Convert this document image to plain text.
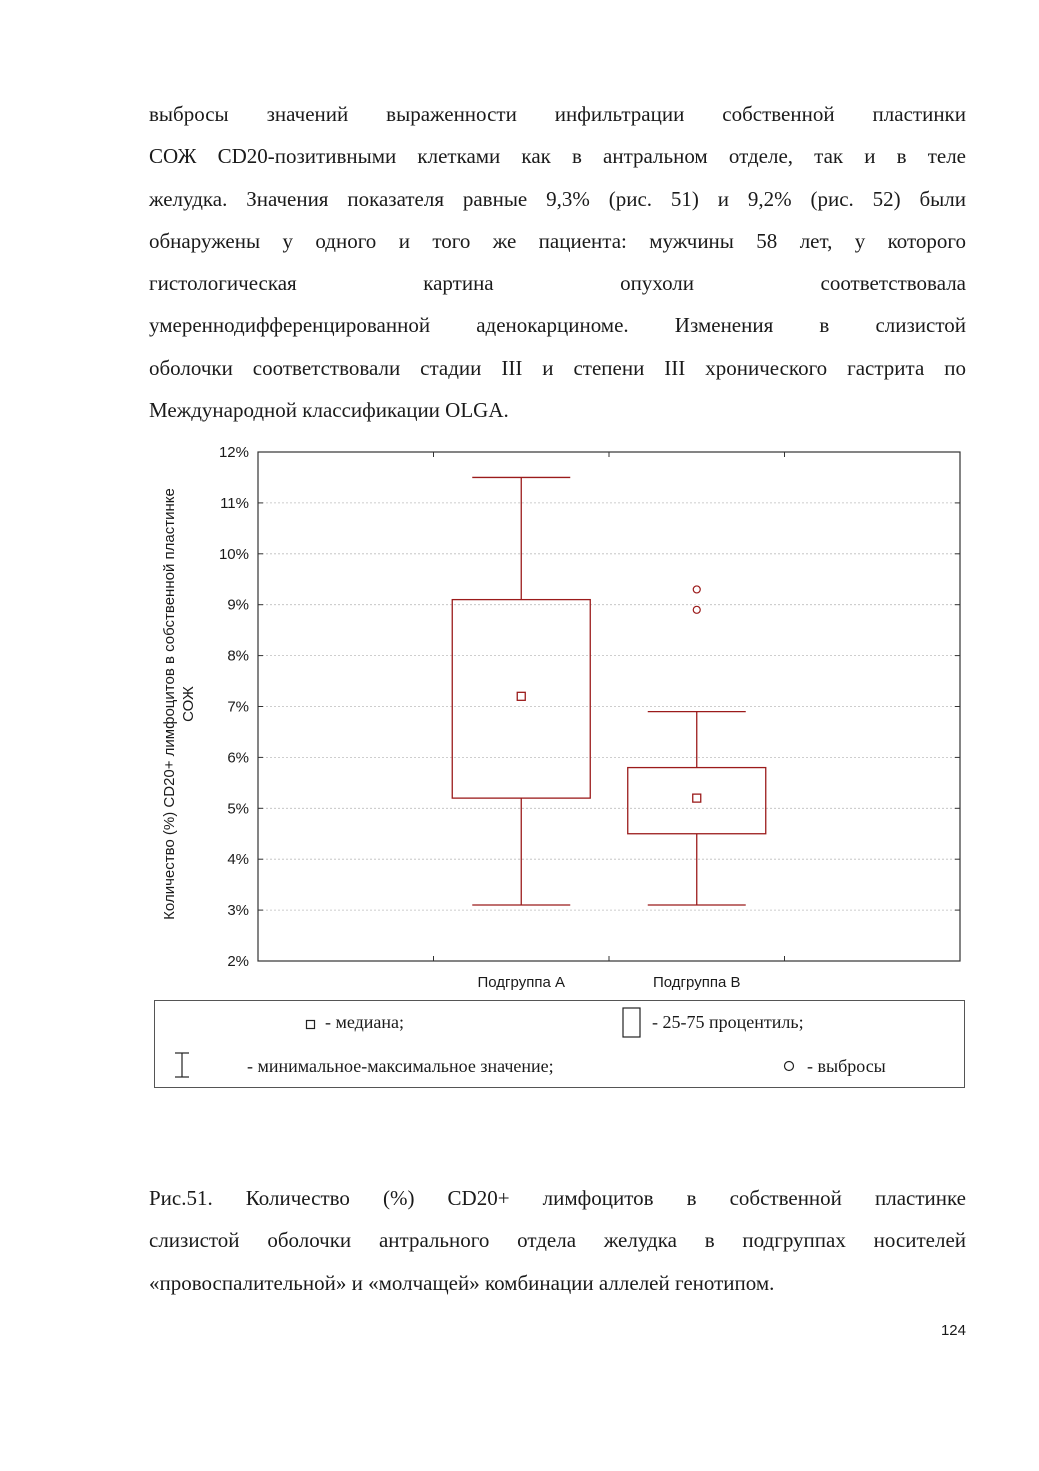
выбросы значений выраженности инфильтрации собственной пластинки
СОЖ CD20-позитивными клетками как в антральном отделе, так и в теле
желудка. Значения показателя равные 9,3% (рис. 51) и 9,2% (рис. 52) были
обнаружены у одного и того же пациента: мужчины 58 лет, у которого
гистологическая картина опухоли соответствовала
умереннодифференцированной аденокарциноме. Изменения в слизистой
оболочки соответствовали стадии III и степени III хронического гастрита по
Международной классификации OLGA.
2%
3%
4%
5%
6%
7%
8%
9%
10%
11%
12%
Подгруппа А	Подгруппа В
Количество (%) CD20+ лимфоцитов в собственной пластинке СОЖ
- медиана;	- 25-75 процентиль;
- минимальное-максимальное значение;	- выбросы
Рис.51. Количество (%) CD20+ лимфоцитов в собственной пластинке
слизистой оболочки антрального отдела желудка в подгруппах носителей
«провоспалительной» и «молчащей» комбинации аллелей генотипом.
124
